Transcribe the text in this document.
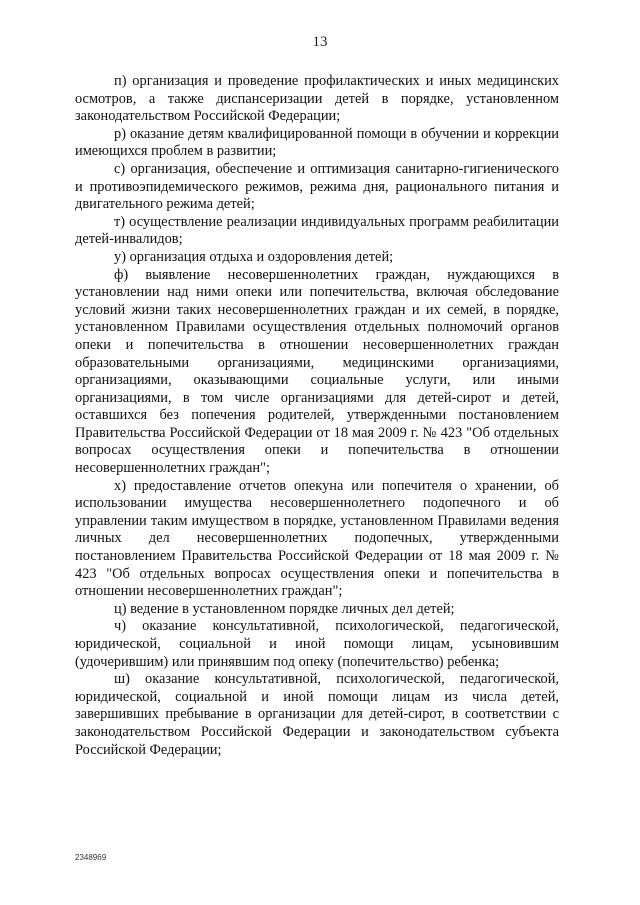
13

п) организация и проведение профилактических и иных медицинских осмотров, а также диспансеризации детей в порядке, установленном законодательством Российской Федерации;

р) оказание детям квалифицированной помощи в обучении и коррекции имеющихся проблем в развитии;

с) организация, обеспечение и оптимизация санитарно-гигиенического и противоэпидемического режимов, режима дня, рационального питания и двигательного режима детей;

т) осуществление реализации индивидуальных программ реабилитации детей-инвалидов;

у) организация отдыха и оздоровления детей;

ф) выявление несовершеннолетних граждан, нуждающихся в установлении над ними опеки или попечительства, включая обследование условий жизни таких несовершеннолетних граждан и их семей, в порядке, установленном Правилами осуществления отдельных полномочий органов опеки и попечительства в отношении несовершеннолетних граждан образовательными организациями, медицинскими организациями, организациями, оказывающими социальные услуги, или иными организациями, в том числе организациями для детей-сирот и детей, оставшихся без попечения родителей, утвержденными постановлением Правительства Российской Федерации от 18 мая 2009 г. № 423 "Об отдельных вопросах осуществления опеки и попечительства в отношении несовершеннолетних граждан";

х) предоставление отчетов опекуна или попечителя о хранении, об использовании имущества несовершеннолетнего подопечного и об управлении таким имуществом в порядке, установленном Правилами ведения личных дел несовершеннолетних подопечных, утвержденными постановлением Правительства Российской Федерации от 18 мая 2009 г. № 423 "Об отдельных вопросах осуществления опеки и попечительства в отношении несовершеннолетних граждан";

ц) ведение в установленном порядке личных дел детей;

ч) оказание консультативной, психологической, педагогической, юридической, социальной и иной помощи лицам, усыновившим (удочерившим) или принявшим под опеку (попечительство) ребенка;

ш) оказание консультативной, психологической, педагогической, юридической, социальной и иной помощи лицам из числа детей, завершивших пребывание в организации для детей-сирот, в соответствии с законодательством Российской Федерации и законодательством субъекта Российской Федерации;

2348969
